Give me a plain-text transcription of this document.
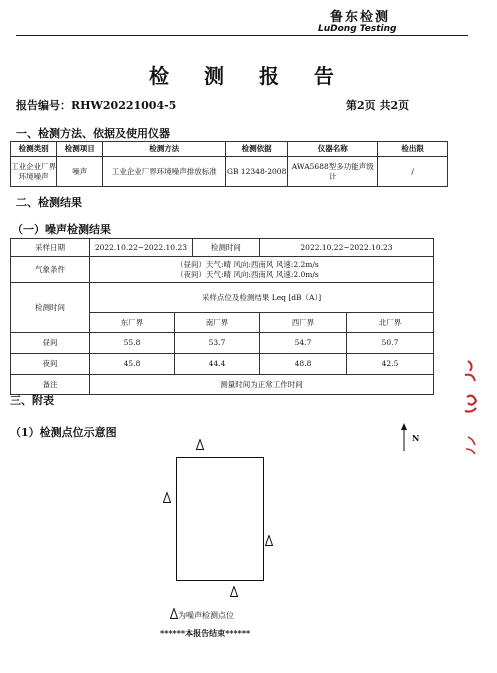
鲁东检测
LuDong Testing
检 测 报 告
报告编号：RHW20221004-5	第2页 共2页
一、检测方法、依据及使用仪器
检测类别	检测项目	检测方法	检测依据	仪器名称	检出限
工业企业厂界环境噪声	噪声	工业企业厂界环境噪声排放标准	GB 12348-2008	AWA5688型多功能声级计	/
二、检测结果
（一）噪声检测结果
采样日期	2022.10.22~2022.10.23		检测时间	2022.10.22~2022.10.23	
气象条件	（昼间）天气:晴 风向:西南风 风速:2.2m/s
（夜间）天气:晴 风向:西南风 风速:2.0m/s				

检测时间	采样点位及检测结果 Leq [dB（A）]				
	东厂界	南厂界		西厂界	北厂界
昼间	55.8	53.7		54.7	50.7
夜间	45.8	44.4		48.8	42.5
备注	测量时间为正常工作时间				
三、附表
（1）检测点位示意图	N
为噪声检测点位
******本报告结束******
